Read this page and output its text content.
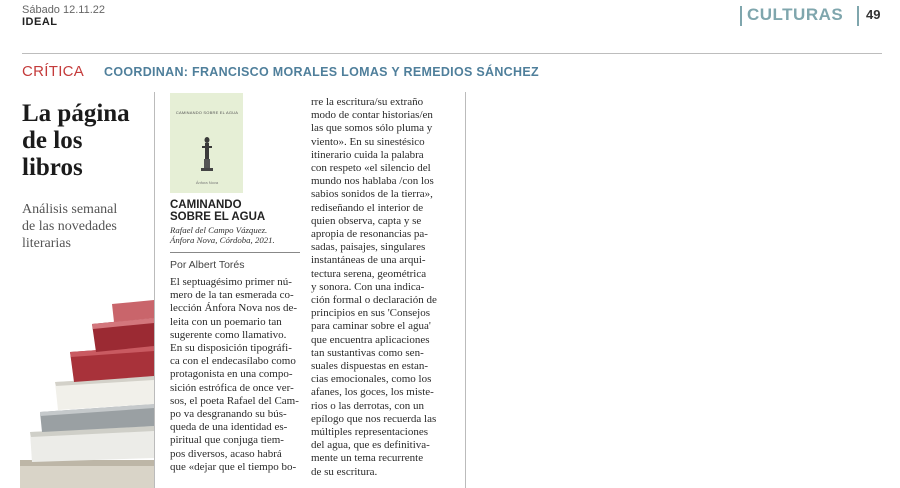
Sábado 12.11.22
IDEAL	CULTURAS 49
CRÍTICA COORDINAN: FRANCISCO MORALES LOMAS Y REMEDIOS SÁNCHEZ
La página
de los
libros
Análisis semanal
de las novedades
literarias
CAMINANDO SOBRE EL AGUA
Ánfora Nova
CAMINANDO
SOBRE EL AGUA
Rafael del Campo Vázquez.
Ánfora Nova, Córdoba, 2021.
Por Albert Torés
El septuagésimo primer nú-
mero de la tan esmerada co-
lección Ánfora Nova nos de-
leita con un poemario tan
sugerente como llamativo.
En su disposición tipográfi-
ca con el endecasílabo como
protagonista en una compo-
sición estrófica de once ver-
sos, el poeta Rafael del Cam-
po va desgranando su bús-
queda de una identidad es-
piritual que conjuga tiem-
pos diversos, acaso habrá
que «dejar que el tiempo bo-
rre la escritura/su extraño
modo de contar historias/en
las que somos sólo pluma y
viento». En su sinestésico
itinerario cuida la palabra
con respeto «el silencio del
mundo nos hablaba /con los
sabios sonidos de la tierra»,
rediseñando el interior de
quien observa, capta y se
apropia de resonancias pa-
sadas, paisajes, singulares
instantáneas de una arqui-
tectura serena, geométrica
y sonora. Con una indica-
ción formal o declaración de
principios en sus 'Consejos
para caminar sobre el agua'
que encuentra aplicaciones
tan sustantivas como sen-
suales dispuestas en estan-
cias emocionales, como los
afanes, los goces, los miste-
rios o las derrotas, con un
epílogo que nos recuerda las
múltiples representaciones
del agua, que es definitiva-
mente un tema recurrente
de su escritura.
